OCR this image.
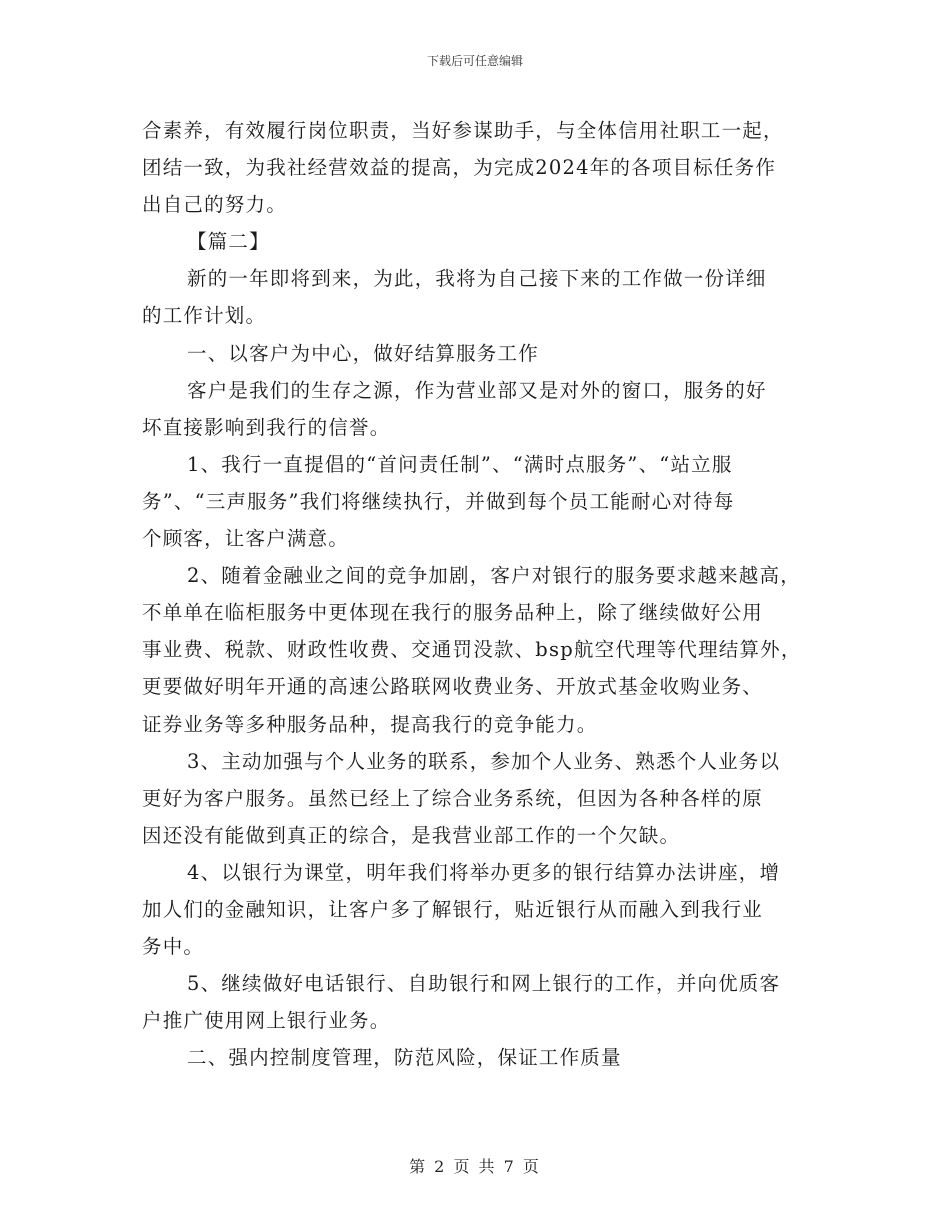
下载后可任意编辑
合素养，有效履行岗位职责，当好参谋助手，与全体信用社职工一起，
团结一致，为我社经营效益的提高，为完成2024年的各项目标任务作
出自己的努力。
【篇二】
新的一年即将到来，为此，我将为自己接下来的工作做一份详细
的工作计划。
一、以客户为中心，做好结算服务工作
客户是我们的生存之源，作为营业部又是对外的窗口，服务的好
坏直接影响到我行的信誉。
1、我行一直提倡的“首问责任制”、“满时点服务”、“站立服
务”、“三声服务”我们将继续执行，并做到每个员工能耐心对待每
个顾客，让客户满意。
2、随着金融业之间的竞争加剧，客户对银行的服务要求越来越高，
不单单在临柜服务中更体现在我行的服务品种上，除了继续做好公用
事业费、税款、财政性收费、交通罚没款、bsp航空代理等代理结算外，
更要做好明年开通的高速公路联网收费业务、开放式基金收购业务、
证券业务等多种服务品种，提高我行的竞争能力。
3、主动加强与个人业务的联系，参加个人业务、熟悉个人业务以
更好为客户服务。虽然已经上了综合业务系统，但因为各种各样的原
因还没有能做到真正的综合，是我营业部工作的一个欠缺。
4、以银行为课堂，明年我们将举办更多的银行结算办法讲座，增
加人们的金融知识，让客户多了解银行，贴近银行从而融入到我行业
务中。
5、继续做好电话银行、自助银行和网上银行的工作，并向优质客
户推广使用网上银行业务。
二、强内控制度管理，防范风险，保证工作质量
第 2 页 共 7 页
